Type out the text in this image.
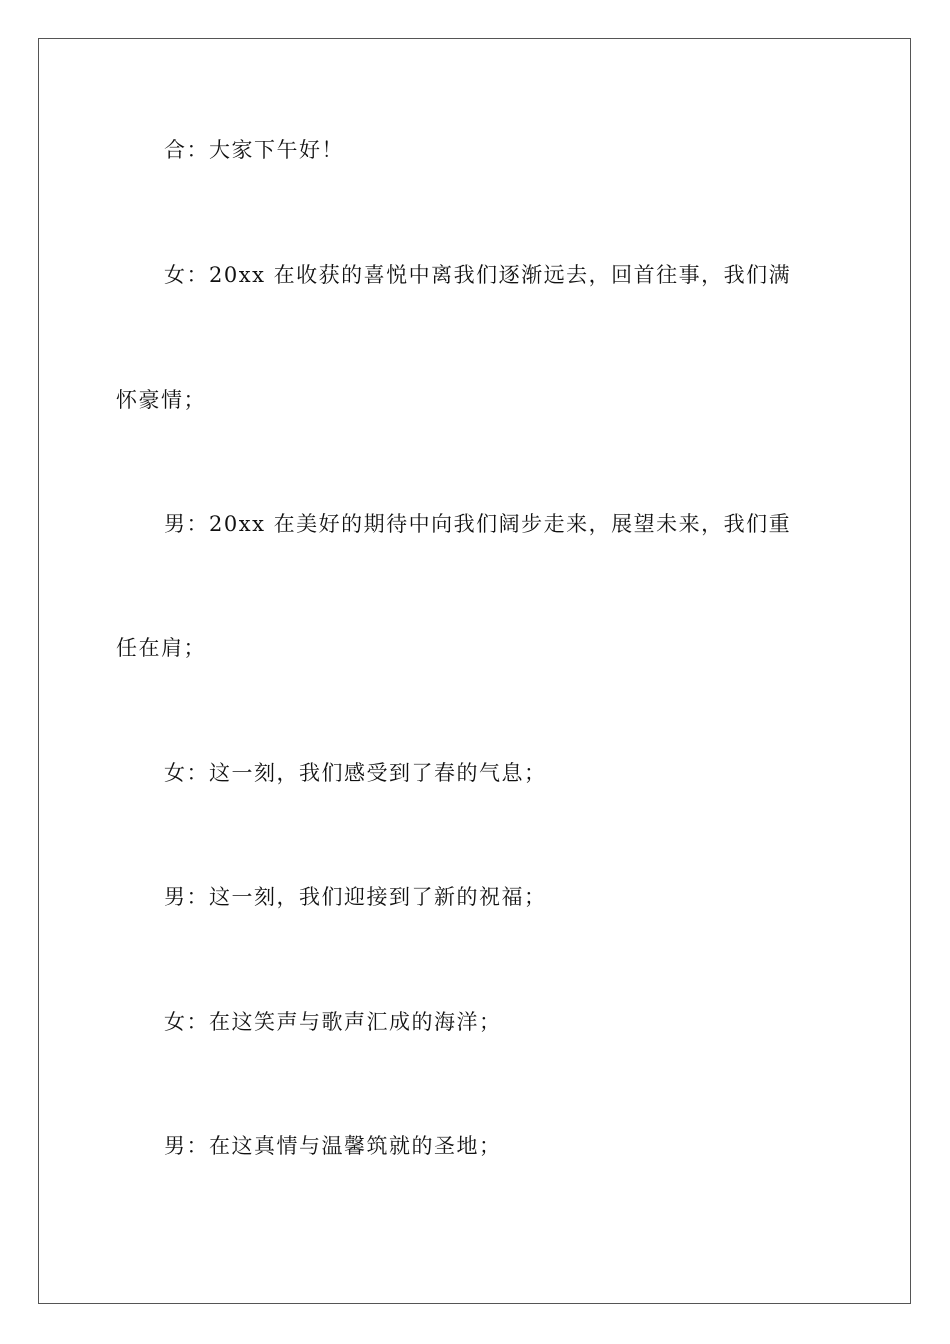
合：大家下午好！
女：20xx 在收获的喜悦中离我们逐渐远去，回首往事，我们满
怀豪情；
男：20xx 在美好的期待中向我们阔步走来，展望未来，我们重
任在肩；
女：这一刻，我们感受到了春的气息；
男：这一刻，我们迎接到了新的祝福；
女：在这笑声与歌声汇成的海洋；
男：在这真情与温馨筑就的圣地；
